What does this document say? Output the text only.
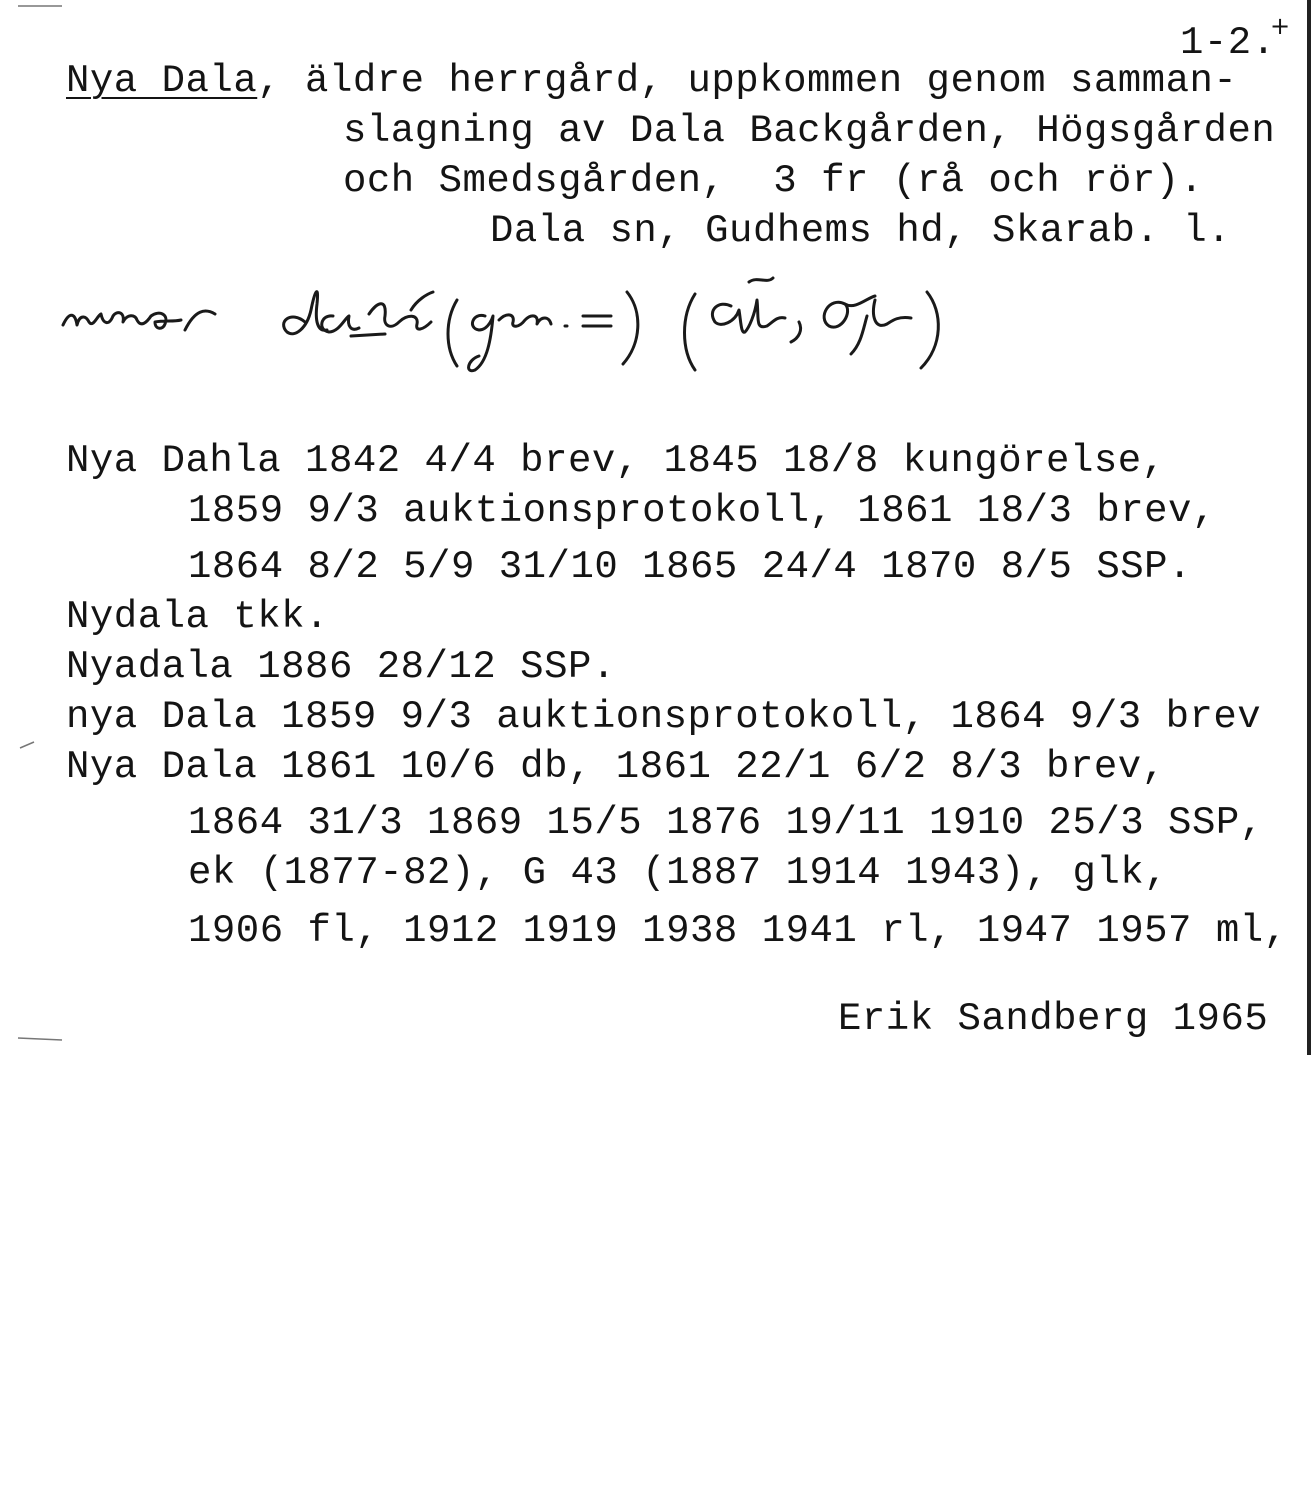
+
1-2.
Nya Dala, äldre herrgård, uppkommen genom samman-
slagning av Dala Backgården, Högsgården
och Smedsgården,  3 fr (rå och rör).
Dala sn, Gudhems hd, Skarab. l.
Nya Dahla 1842 4/4 brev, 1845 18/8 kungörelse,
1859 9/3 auktionsprotokoll, 1861 18/3 brev,
1864 8/2 5/9 31/10 1865 24/4 1870 8/5 SSP.
Nydala tkk.
Nyadala 1886 28/12 SSP.
nya Dala 1859 9/3 auktionsprotokoll, 1864 9/3 brev
Nya Dala 1861 10/6 db, 1861 22/1 6/2 8/3 brev,
1864 31/3 1869 15/5 1876 19/11 1910 25/3 SSP,
ek (1877-82), G 43 (1887 1914 1943), glk,
1906 fl, 1912 1919 1938 1941 rl, 1947 1957 ml,
Erik Sandberg 1965
